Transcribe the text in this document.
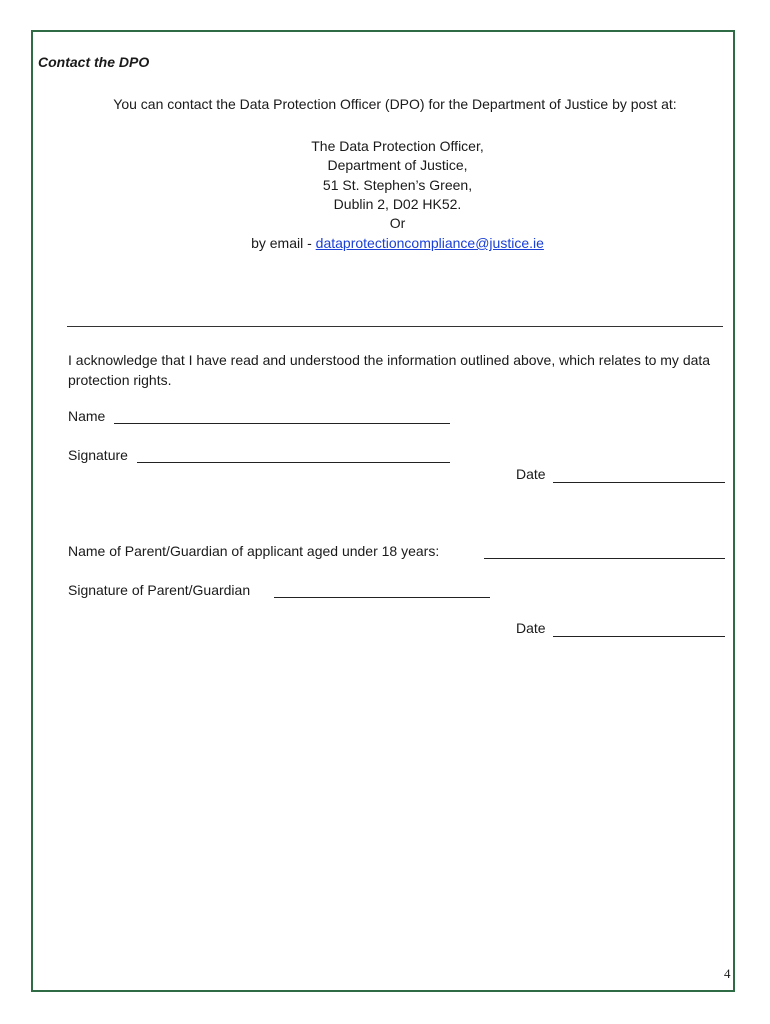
Contact the DPO
You can contact the Data Protection Officer (DPO) for the Department of Justice by post at:
The Data Protection Officer,
Department of Justice,
51 St. Stephen’s Green,
Dublin 2, D02 HK52.
Or
by email - dataprotectioncompliance@justice.ie
I acknowledge that I have read and understood the information outlined above, which relates to my data protection rights.
Name
Signature
Date
Name of Parent/Guardian of applicant aged under 18 years:
Signature of Parent/Guardian
Date
4
